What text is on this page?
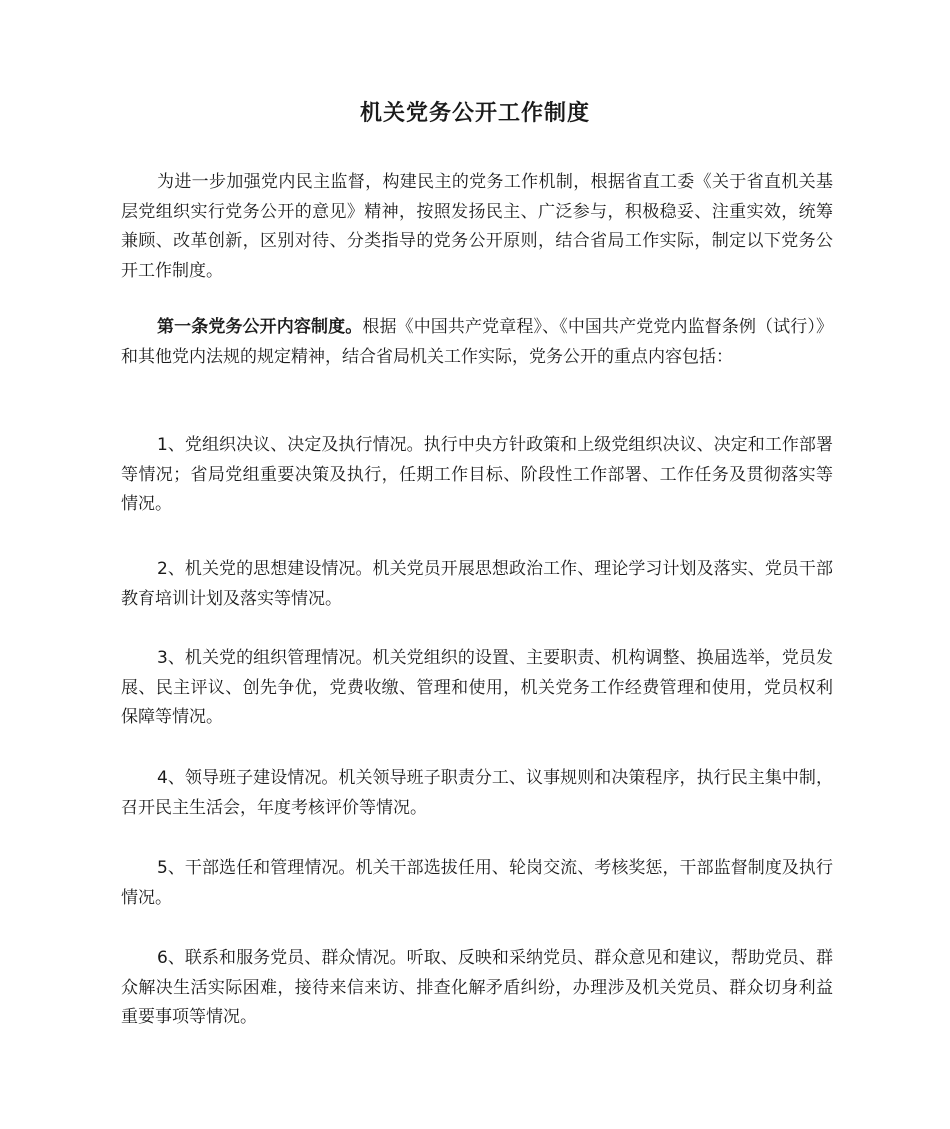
机关党务公开工作制度

为进一步加强党内民主监督，构建民主的党务工作机制，根据省直工委《关于省直机关基层党组织实行党务公开的意见》精神，按照发扬民主、广泛参与，积极稳妥、注重实效，统筹兼顾、改革创新，区别对待、分类指导的党务公开原则，结合省局工作实际，制定以下党务公开工作制度。

第一条党务公开内容制度。根据《中国共产党章程》、《中国共产党党内监督条例（试行）》和其他党内法规的规定精神，结合省局机关工作实际，党务公开的重点内容包括：

1、党组织决议、决定及执行情况。执行中央方针政策和上级党组织决议、决定和工作部署等情况；省局党组重要决策及执行，任期工作目标、阶段性工作部署、工作任务及贯彻落实等情况。

2、机关党的思想建设情况。机关党员开展思想政治工作、理论学习计划及落实、党员干部教育培训计划及落实等情况。

3、机关党的组织管理情况。机关党组织的设置、主要职责、机构调整、换届选举，党员发展、民主评议、创先争优，党费收缴、管理和使用，机关党务工作经费管理和使用，党员权利保障等情况。

4、领导班子建设情况。机关领导班子职责分工、议事规则和决策程序，执行民主集中制，召开民主生活会，年度考核评价等情况。

5、干部选任和管理情况。机关干部选拔任用、轮岗交流、考核奖惩，干部监督制度及执行情况。

6、联系和服务党员、群众情况。听取、反映和采纳党员、群众意见和建议，帮助党员、群众解决生活实际困难，接待来信来访、排查化解矛盾纠纷，办理涉及机关党员、群众切身利益重要事项等情况。
